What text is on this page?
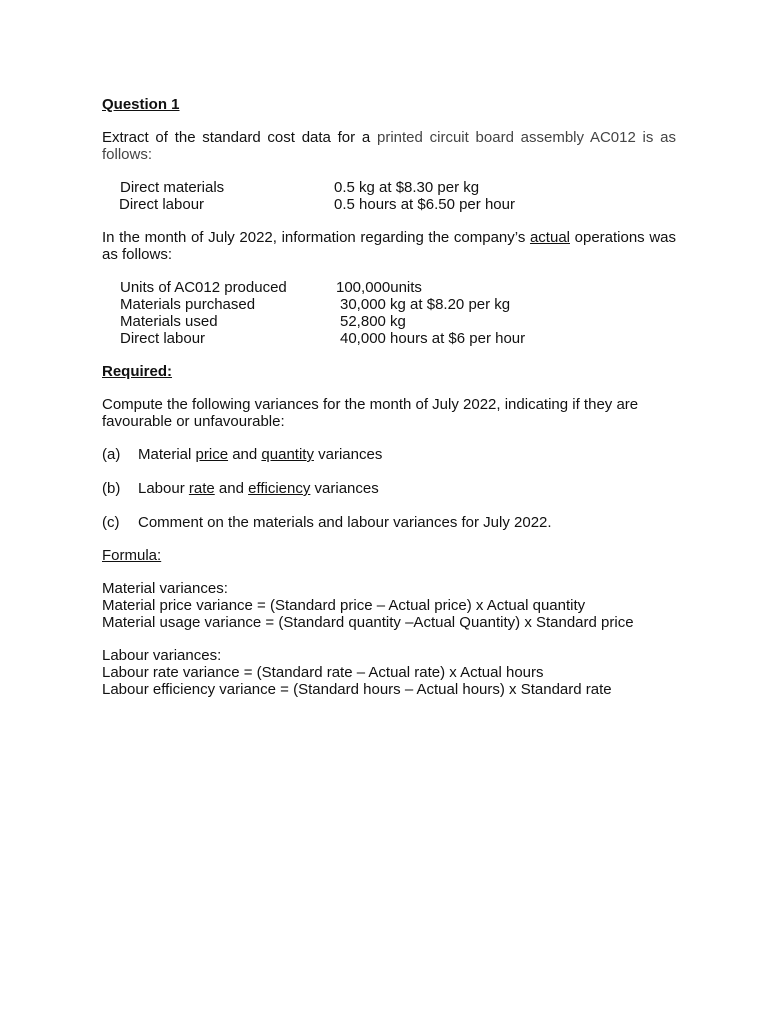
Question 1
Extract of the standard cost data for a printed circuit board assembly AC012 is as follows:
Direct materials	0.5 kg at $8.30 per kg
Direct labour	0.5 hours at $6.50 per hour
In the month of July 2022, information regarding the company’s actual operations was as follows:
Units of AC012 produced	100,000units
Materials purchased	30,000 kg at $8.20 per kg
Materials used	52,800 kg
Direct labour	40,000 hours at $6 per hour
Required:
Compute the following variances for the month of July 2022, indicating if they are favourable or unfavourable:
(a) Material price and quantity variances
(b) Labour rate and efficiency variances
(c) Comment on the materials and labour variances for July 2022.
Formula:
Material variances:
Material price variance = (Standard price – Actual price) x Actual quantity
Material usage variance = (Standard quantity –Actual Quantity) x Standard price
Labour variances:
Labour rate variance = (Standard rate – Actual rate) x Actual hours
Labour efficiency variance = (Standard hours – Actual hours) x Standard rate
